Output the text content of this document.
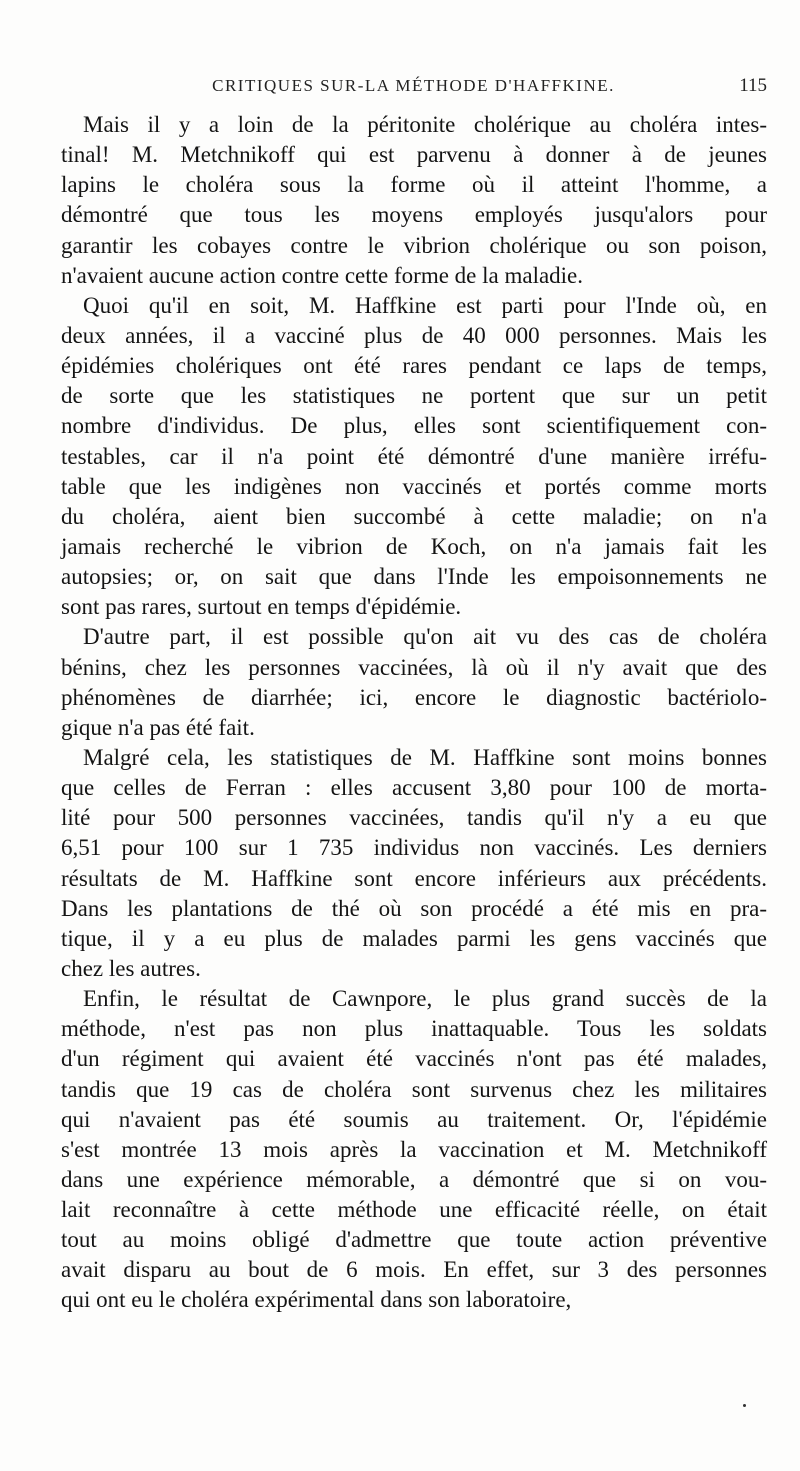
CRITIQUES SUR-LA MÉTHODE D'HAFFKINE.	115
Mais il y a loin de la péritonite cholérique au choléra intes-
tinal! M. Metchnikoff qui est parvenu à donner à de jeunes
lapins le choléra sous la forme où il atteint l'homme, a
démontré que tous les moyens employés jusqu'alors pour
garantir les cobayes contre le vibrion cholérique ou son poison,
n'avaient aucune action contre cette forme de la maladie.
Quoi qu'il en soit, M. Haffkine est parti pour l'Inde où, en
deux années, il a vacciné plus de 40 000 personnes. Mais les
épidémies cholériques ont été rares pendant ce laps de temps,
de sorte que les statistiques ne portent que sur un petit
nombre d'individus. De plus, elles sont scientifiquement con-
testables, car il n'a point été démontré d'une manière irréfu-
table que les indigènes non vaccinés et portés comme morts
du choléra, aient bien succombé à cette maladie; on n'a
jamais recherché le vibrion de Koch, on n'a jamais fait les
autopsies; or, on sait que dans l'Inde les empoisonnements ne
sont pas rares, surtout en temps d'épidémie.
D'autre part, il est possible qu'on ait vu des cas de choléra
bénins, chez les personnes vaccinées, là où il n'y avait que des
phénomènes de diarrhée; ici, encore le diagnostic bactériolo-
gique n'a pas été fait.
Malgré cela, les statistiques de M. Haffkine sont moins bonnes
que celles de Ferran : elles accusent 3,80 pour 100 de morta-
lité pour 500 personnes vaccinées, tandis qu'il n'y a eu que
6,51 pour 100 sur 1 735 individus non vaccinés. Les derniers
résultats de M. Haffkine sont encore inférieurs aux précédents.
Dans les plantations de thé où son procédé a été mis en pra-
tique, il y a eu plus de malades parmi les gens vaccinés que
chez les autres.
Enfin, le résultat de Cawnpore, le plus grand succès de la
méthode, n'est pas non plus inattaquable. Tous les soldats
d'un régiment qui avaient été vaccinés n'ont pas été malades,
tandis que 19 cas de choléra sont survenus chez les militaires
qui n'avaient pas été soumis au traitement. Or, l'épidémie
s'est montrée 13 mois après la vaccination et M. Metchnikoff
dans une expérience mémorable, a démontré que si on vou-
lait reconnaître à cette méthode une efficacité réelle, on était
tout au moins obligé d'admettre que toute action préventive
avait disparu au bout de 6 mois. En effet, sur 3 des personnes
qui ont eu le choléra expérimental dans son laboratoire,
